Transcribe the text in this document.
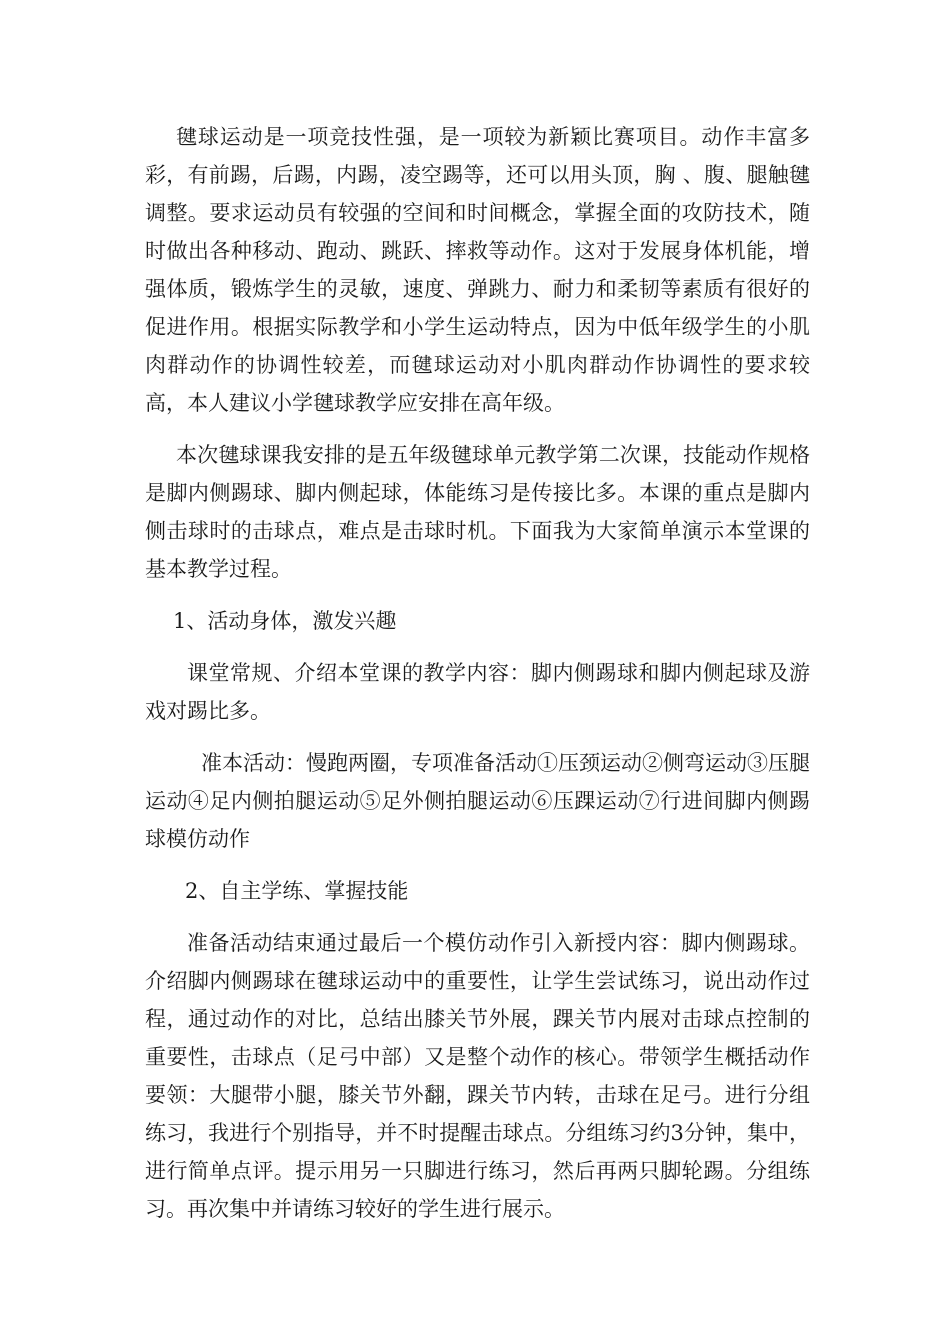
毽球运动是一项竞技性强，是一项较为新颖比赛项目。动作丰富多彩，有前踢，后踢，内踢，凌空踢等，还可以用头顶，胸 、腹、腿触毽调整。要求运动员有较强的空间和时间概念，掌握全面的攻防技术，随时做出各种移动、跑动、跳跃、摔救等动作。这对于发展身体机能，增强体质，锻炼学生的灵敏，速度、弹跳力、耐力和柔韧等素质有很好的促进作用。根据实际教学和小学生运动特点，因为中低年级学生的小肌肉群动作的协调性较差，而毽球运动对小肌肉群动作协调性的要求较高，本人建议小学毽球教学应安排在高年级。

本次毽球课我安排的是五年级毽球单元教学第二次课，技能动作规格是脚内侧踢球、脚内侧起球，体能练习是传接比多。本课的重点是脚内侧击球时的击球点，难点是击球时机。下面我为大家简单演示本堂课的基本教学过程。

1、活动身体，激发兴趣

课堂常规、介绍本堂课的教学内容：脚内侧踢球和脚内侧起球及游戏对踢比多。

准本活动：慢跑两圈，专项准备活动①压颈运动②侧弯运动③压腿运动④足内侧拍腿运动⑤足外侧拍腿运动⑥压踝运动⑦行进间脚内侧踢球模仿动作

2、自主学练、掌握技能

准备活动结束通过最后一个模仿动作引入新授内容：脚内侧踢球。介绍脚内侧踢球在毽球运动中的重要性，让学生尝试练习，说出动作过程，通过动作的对比，总结出膝关节外展，踝关节内展对击球点控制的重要性，击球点（足弓中部）又是整个动作的核心。带领学生概括动作要领：大腿带小腿，膝关节外翻，踝关节内转，击球在足弓。进行分组练习，我进行个别指导，并不时提醒击球点。分组练习约3分钟，集中，进行简单点评。提示用另一只脚进行练习，然后再两只脚轮踢。分组练习。再次集中并请练习较好的学生进行展示。
